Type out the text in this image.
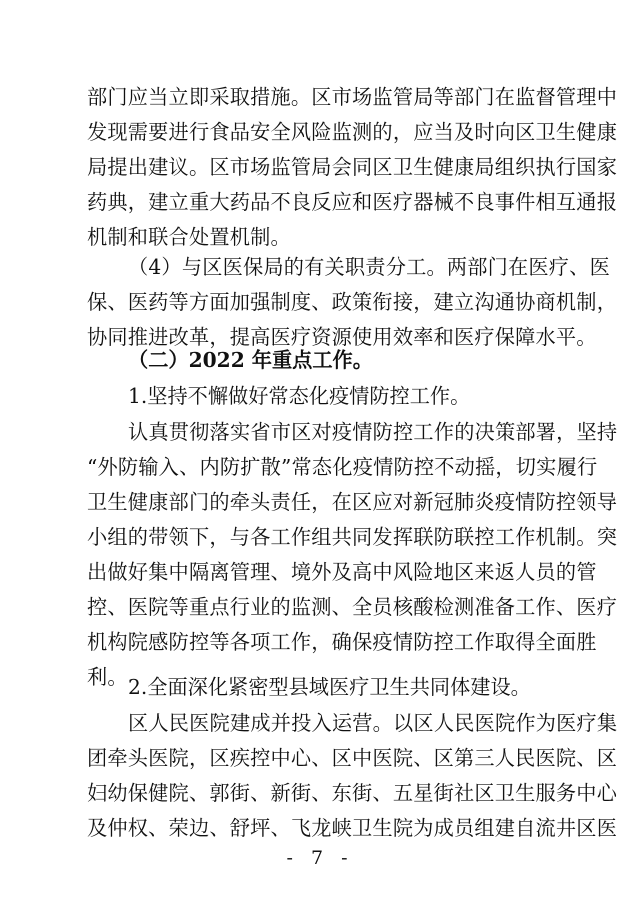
部门应当立即采取措施。区市场监管局等部门在监督管理中
发现需要进行食品安全风险监测的，应当及时向区卫生健康
局提出建议。区市场监管局会同区卫生健康局组织执行国家
药典，建立重大药品不良反应和医疗器械不良事件相互通报
机制和联合处置机制。
（4）与区医保局的有关职责分工。两部门在医疗、医
保、医药等方面加强制度、政策衔接，建立沟通协商机制，
协同推进改革，提高医疗资源使用效率和医疗保障水平。
（二）2022 年重点工作。
1.坚持不懈做好常态化疫情防控工作。
认真贯彻落实省市区对疫情防控工作的决策部署，坚持
“外防输入、内防扩散”常态化疫情防控不动摇，切实履行
卫生健康部门的牵头责任，在区应对新冠肺炎疫情防控领导
小组的带领下，与各工作组共同发挥联防联控工作机制。突
出做好集中隔离管理、境外及高中风险地区来返人员的管
控、医院等重点行业的监测、全员核酸检测准备工作、医疗
机构院感防控等各项工作，确保疫情防控工作取得全面胜
利。 2.全面深化紧密型县域医疗卫生共同体建设。
区人民医院建成并投入运营。以区人民医院作为医疗集
团牵头医院，区疾控中心、区中医院、区第三人民医院、区
妇幼保健院、郭街、新街、东街、五星街社区卫生服务中心
及仲权、荣边、舒坪、飞龙峡卫生院为成员组建自流井区医
- 7 -
